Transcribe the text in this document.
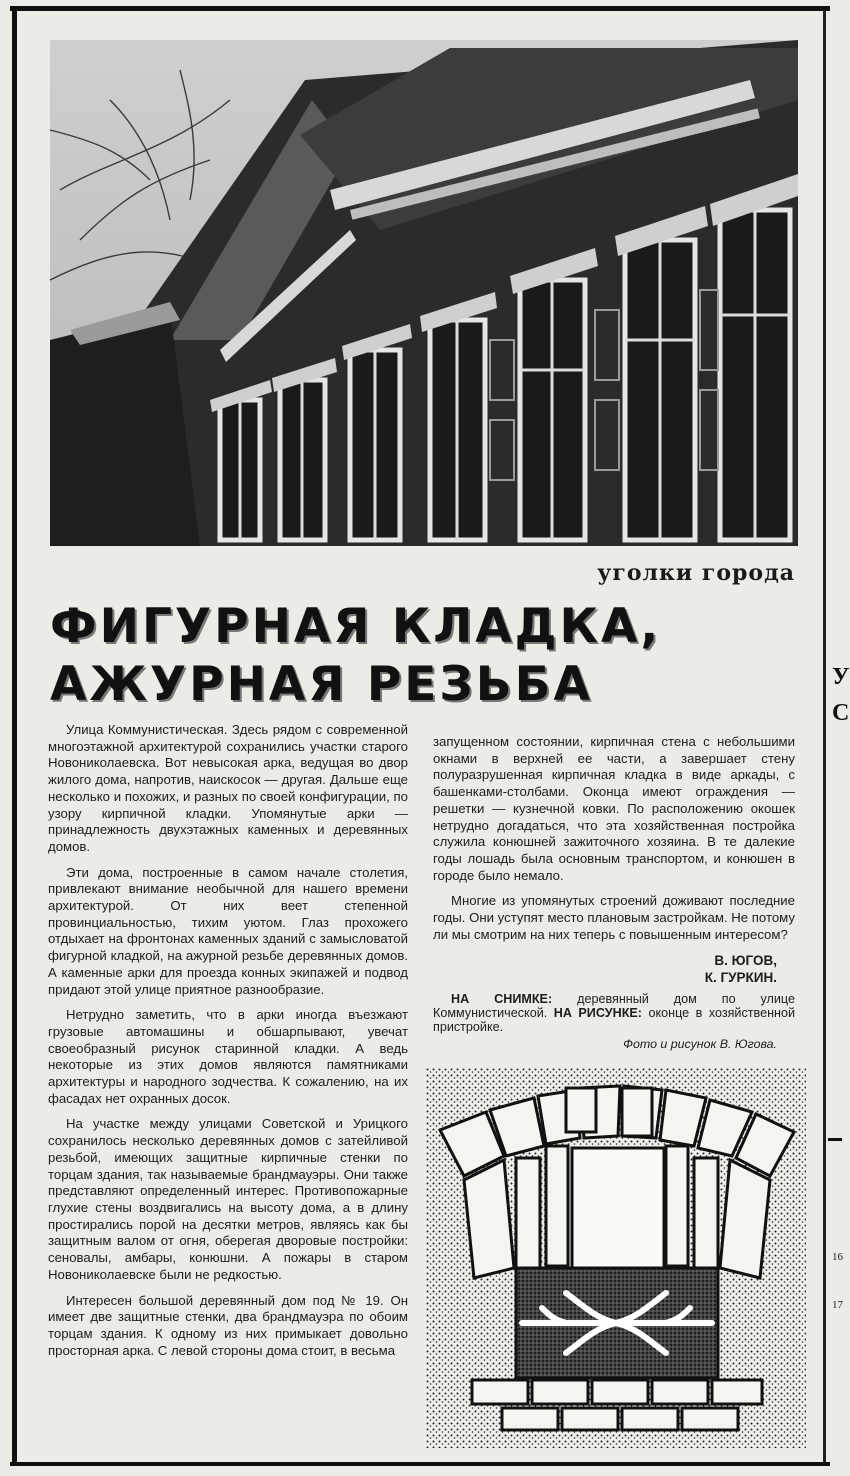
уголки города
ФИГУРНАЯ КЛАДКА,
АЖУРНАЯ РЕЗЬБА

Улица Коммунистическая. Здесь рядом с современной многоэтажной архитектурой сохранились участки старого Новониколаевска. Вот невысокая арка, ведущая во двор жилого дома, напротив, наискосок — другая. Дальше еще несколько и похожих, и разных по своей конфигурации, по узору кирпичной кладки. Упомянутые арки — принадлежность двухэтажных каменных и деревянных домов.

Эти дома, построенные в самом начале столетия, привлекают внимание необычной для нашего времени архитектурой. От них веет степенной провинциальностью, тихим уютом. Глаз прохожего отдыхает на фронтонах каменных зданий с замысловатой фигурной кладкой, на ажурной резьбе деревянных домов. А каменные арки для проезда конных экипажей и подвод придают этой улице приятное разнообразие.

Нетрудно заметить, что в арки иногда въезжают грузовые автомашины и обшарпывают, увечат своеобразный рисунок старинной кладки. А ведь некоторые из этих домов являются памятниками архитектуры и народного зодчества. К сожалению, на их фасадах нет охранных досок.

На участке между улицами Советской и Урицкого сохранилось несколько деревянных домов с затейливой резьбой, имеющих защитные кирпичные стенки по торцам здания, так называемые брандмауэры. Они также представляют определенный интерес. Противопожарные глухие стены воздвигались на высоту дома, а в длину простирались порой на десятки метров, являясь как бы защитным валом от огня, оберегая дворовые постройки: сеновалы, амбары, конюшни. А пожары в старом Новониколаевске были не редкостью.

Интересен большой деревянный дом под № 19. Он имеет две защитные стенки, два брандмауэра по обоим торцам здания. К одному из них примыкает довольно просторная арка. С левой стороны дома стоит, в весьма

запущенном состоянии, кирпичная стена с небольшими окнами в верхней ее части, а завершает стену полуразрушенная кирпичная кладка в виде аркады, с башенками-столбами. Оконца имеют ограждения — решетки — кузнечной ковки. По расположению окошек нетрудно догадаться, что эта хозяйственная постройка служила конюшней зажиточного хозяина. В те далекие годы лошадь была основным транспортом, и конюшен в городе было немало.

Многие из упомянутых строений доживают последние годы. Они уступят место плановым застройкам. Не потому ли мы смотрим на них теперь с повышенным интересом?

В. ЮГОВ,
К. ГУРКИН.
НА СНИМКЕ: деревянный дом по улице Коммунистической. НА РИСУНКЕ: оконце в хозяйственной пристройке.
Фото и рисунок В. Югова.
У
С
16
17
